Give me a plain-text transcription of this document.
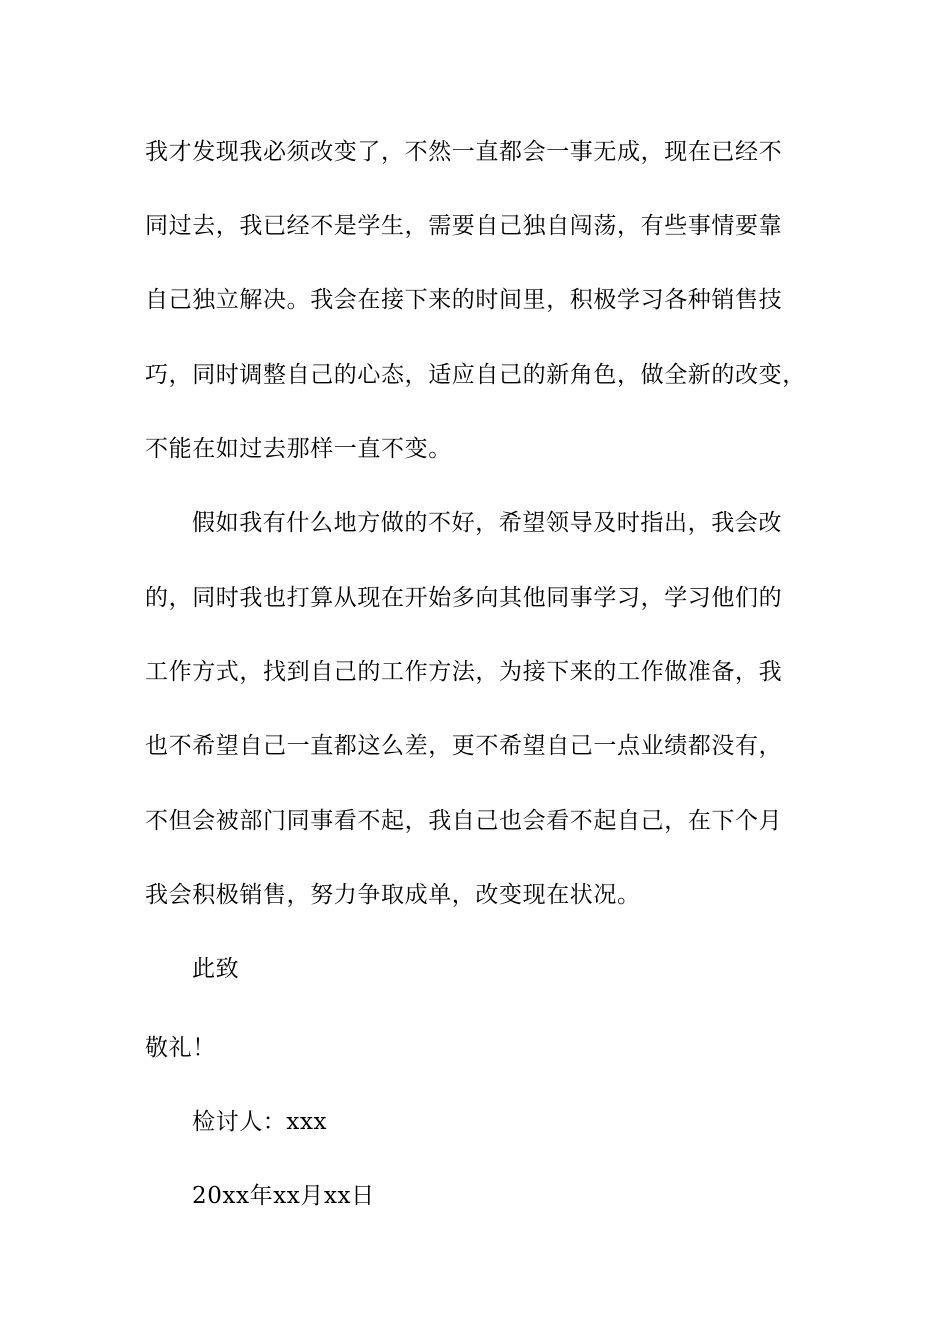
我才发现我必须改变了，不然一直都会一事无成，现在已经不
同过去，我已经不是学生，需要自己独自闯荡，有些事情要靠
自己独立解决。我会在接下来的时间里，积极学习各种销售技
巧，同时调整自己的心态，适应自己的新角色，做全新的改变，
不能在如过去那样一直不变。
假如我有什么地方做的不好，希望领导及时指出，我会改
的，同时我也打算从现在开始多向其他同事学习，学习他们的
工作方式，找到自己的工作方法，为接下来的工作做准备，我
也不希望自己一直都这么差，更不希望自己一点业绩都没有，
不但会被部门同事看不起，我自己也会看不起自己，在下个月
我会积极销售，努力争取成单，改变现在状况。
此致
敬礼！
检讨人：xxx
20xx年xx月xx日
